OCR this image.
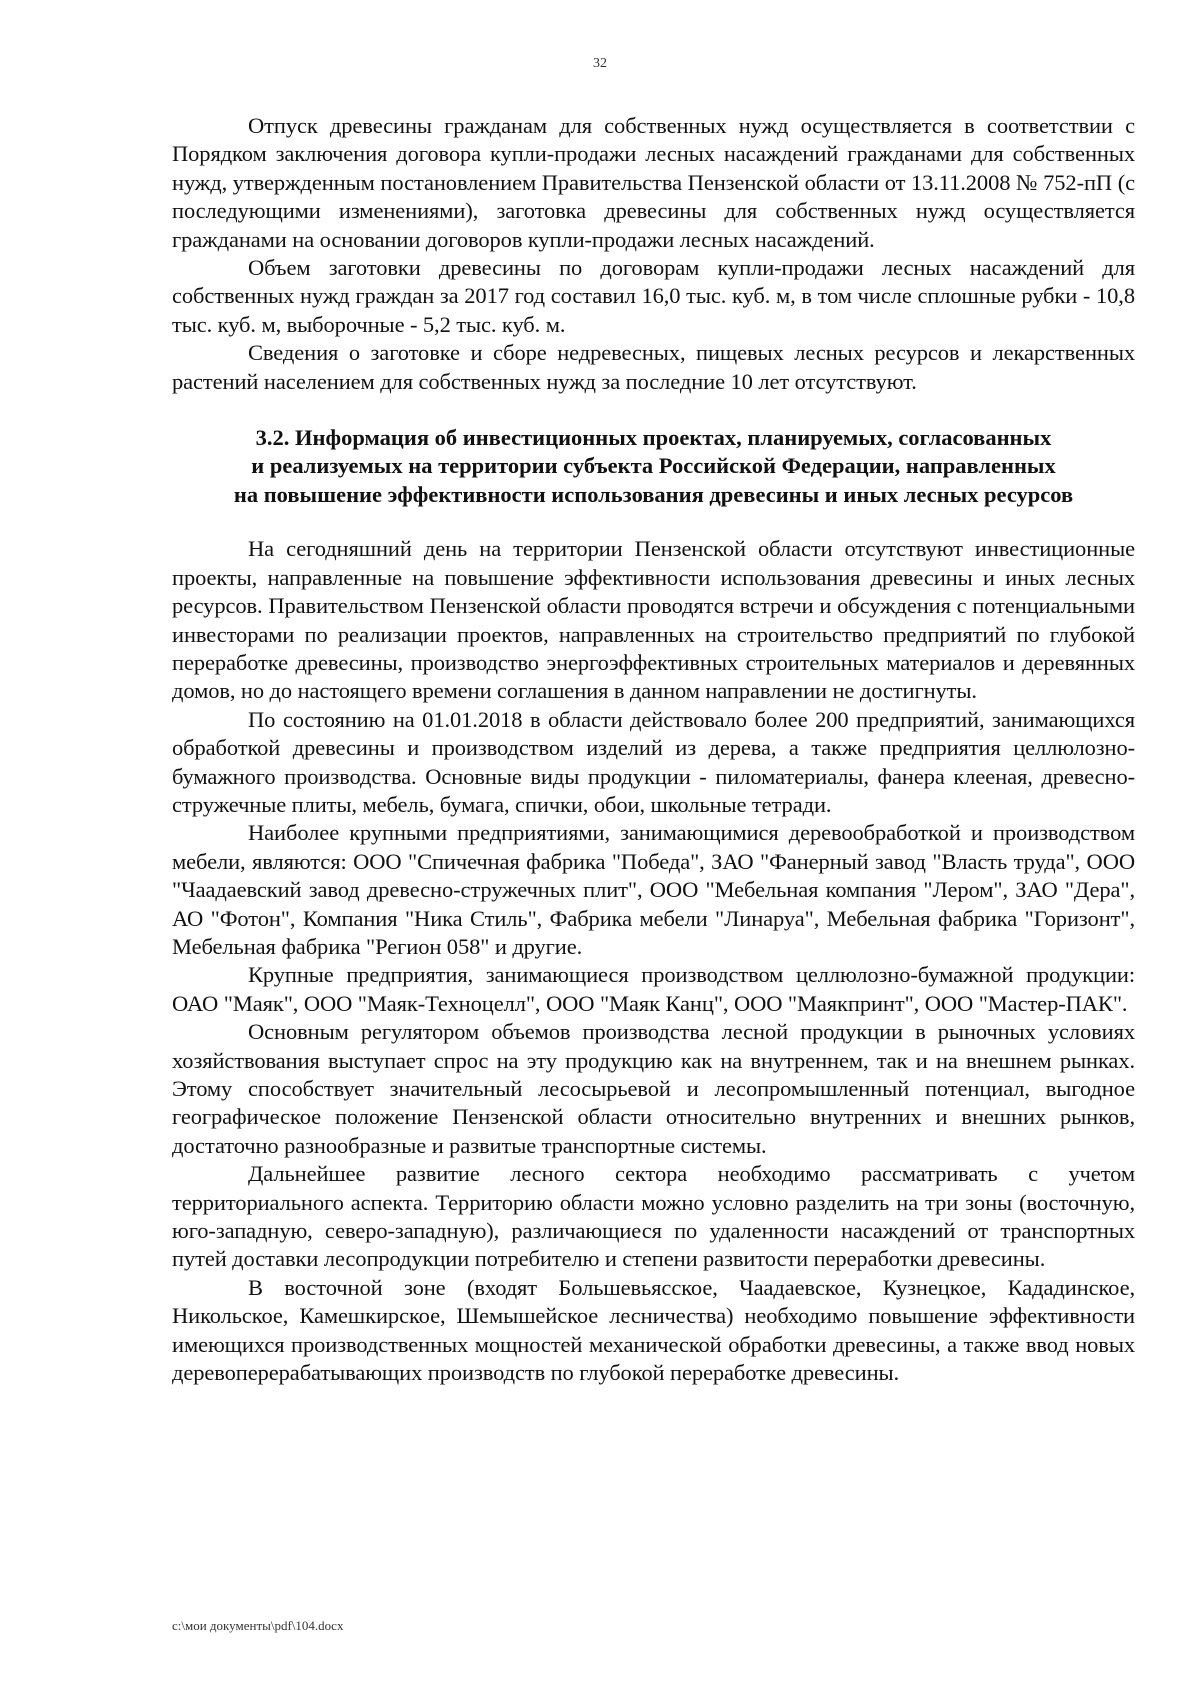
32

Отпуск древесины гражданам для собственных нужд осуществляется в соответствии с Порядком заключения договора купли-продажи лесных насаждений гражданами для собственных нужд, утвержденным постановлением Правительства Пензенской области от 13.11.2008 № 752-пП (с последующими изменениями), заготовка древесины для собственных нужд осуществляется гражданами на основании договоров купли-продажи лесных насаждений.

Объем заготовки древесины по договорам купли-продажи лесных насаждений для собственных нужд граждан за 2017 год составил 16,0 тыс. куб. м, в том числе сплошные рубки - 10,8 тыс. куб. м, выборочные - 5,2 тыс. куб. м.

Сведения о заготовке и сборе недревесных, пищевых лесных ресурсов и лекарственных растений населением для собственных нужд за последние 10 лет отсутствуют.

3.2. Информация об инвестиционных проектах, планируемых, согласованных
и реализуемых на территории субъекта Российской Федерации, направленных
на повышение эффективности использования древесины и иных лесных ресурсов

На сегодняшний день на территории Пензенской области отсутствуют инвестиционные проекты, направленные на повышение эффективности использования древесины и иных лесных ресурсов. Правительством Пензенской области проводятся встречи и обсуждения с потенциальными инвесторами по реализации проектов, направленных на строительство предприятий по глубокой переработке древесины, производство энергоэффективных строительных материалов и деревянных домов, но до настоящего времени соглашения в данном направлении не достигнуты.

По состоянию на 01.01.2018 в области действовало более 200 предприятий, занимающихся обработкой древесины и производством изделий из дерева, а также предприятия целлюлозно-бумажного производства. Основные виды продукции - пиломатериалы, фанера клееная, древесно-стружечные плиты, мебель, бумага, спички, обои, школьные тетради.

Наиболее крупными предприятиями, занимающимися деревообработкой и производством мебели, являются: ООО "Спичечная фабрика "Победа", ЗАО "Фанерный завод "Власть труда", ООО "Чаадаевский завод древесно-стружечных плит", ООО "Мебельная компания "Лером", ЗАО "Дера", АО "Фотон", Компания "Ника Стиль", Фабрика мебели "Линаруа", Мебельная фабрика "Горизонт", Мебельная фабрика "Регион 058" и другие.

Крупные предприятия, занимающиеся производством целлюлозно-бумажной продукции: ОАО "Маяк", ООО "Маяк-Техноцелл", ООО "Маяк Канц", ООО "Маякпринт", ООО "Мастер-ПАК".

Основным регулятором объемов производства лесной продукции в рыночных условиях хозяйствования выступает спрос на эту продукцию как на внутреннем, так и на внешнем рынках. Этому способствует значительный лесосырьевой и лесопромышленный потенциал, выгодное географическое положение Пензенской области относительно внутренних и внешних рынков, достаточно разнообразные и развитые транспортные системы.

Дальнейшее развитие лесного сектора необходимо рассматривать с учетом территориального аспекта. Территорию области можно условно разделить на три зоны (восточную, юго-западную, северо-западную), различающиеся по удаленности насаждений от транспортных путей доставки лесопродукции потребителю и степени развитости переработки древесины.

В восточной зоне (входят Большевьясское, Чаадаевское, Кузнецкое, Кададинское, Никольское, Камешкирское, Шемышейское лесничества) необходимо повышение эффективности имеющихся производственных мощностей механической обработки древесины, а также ввод новых деревоперерабатывающих производств по глубокой переработке древесины.

c:\мои документы\pdf\104.docx
